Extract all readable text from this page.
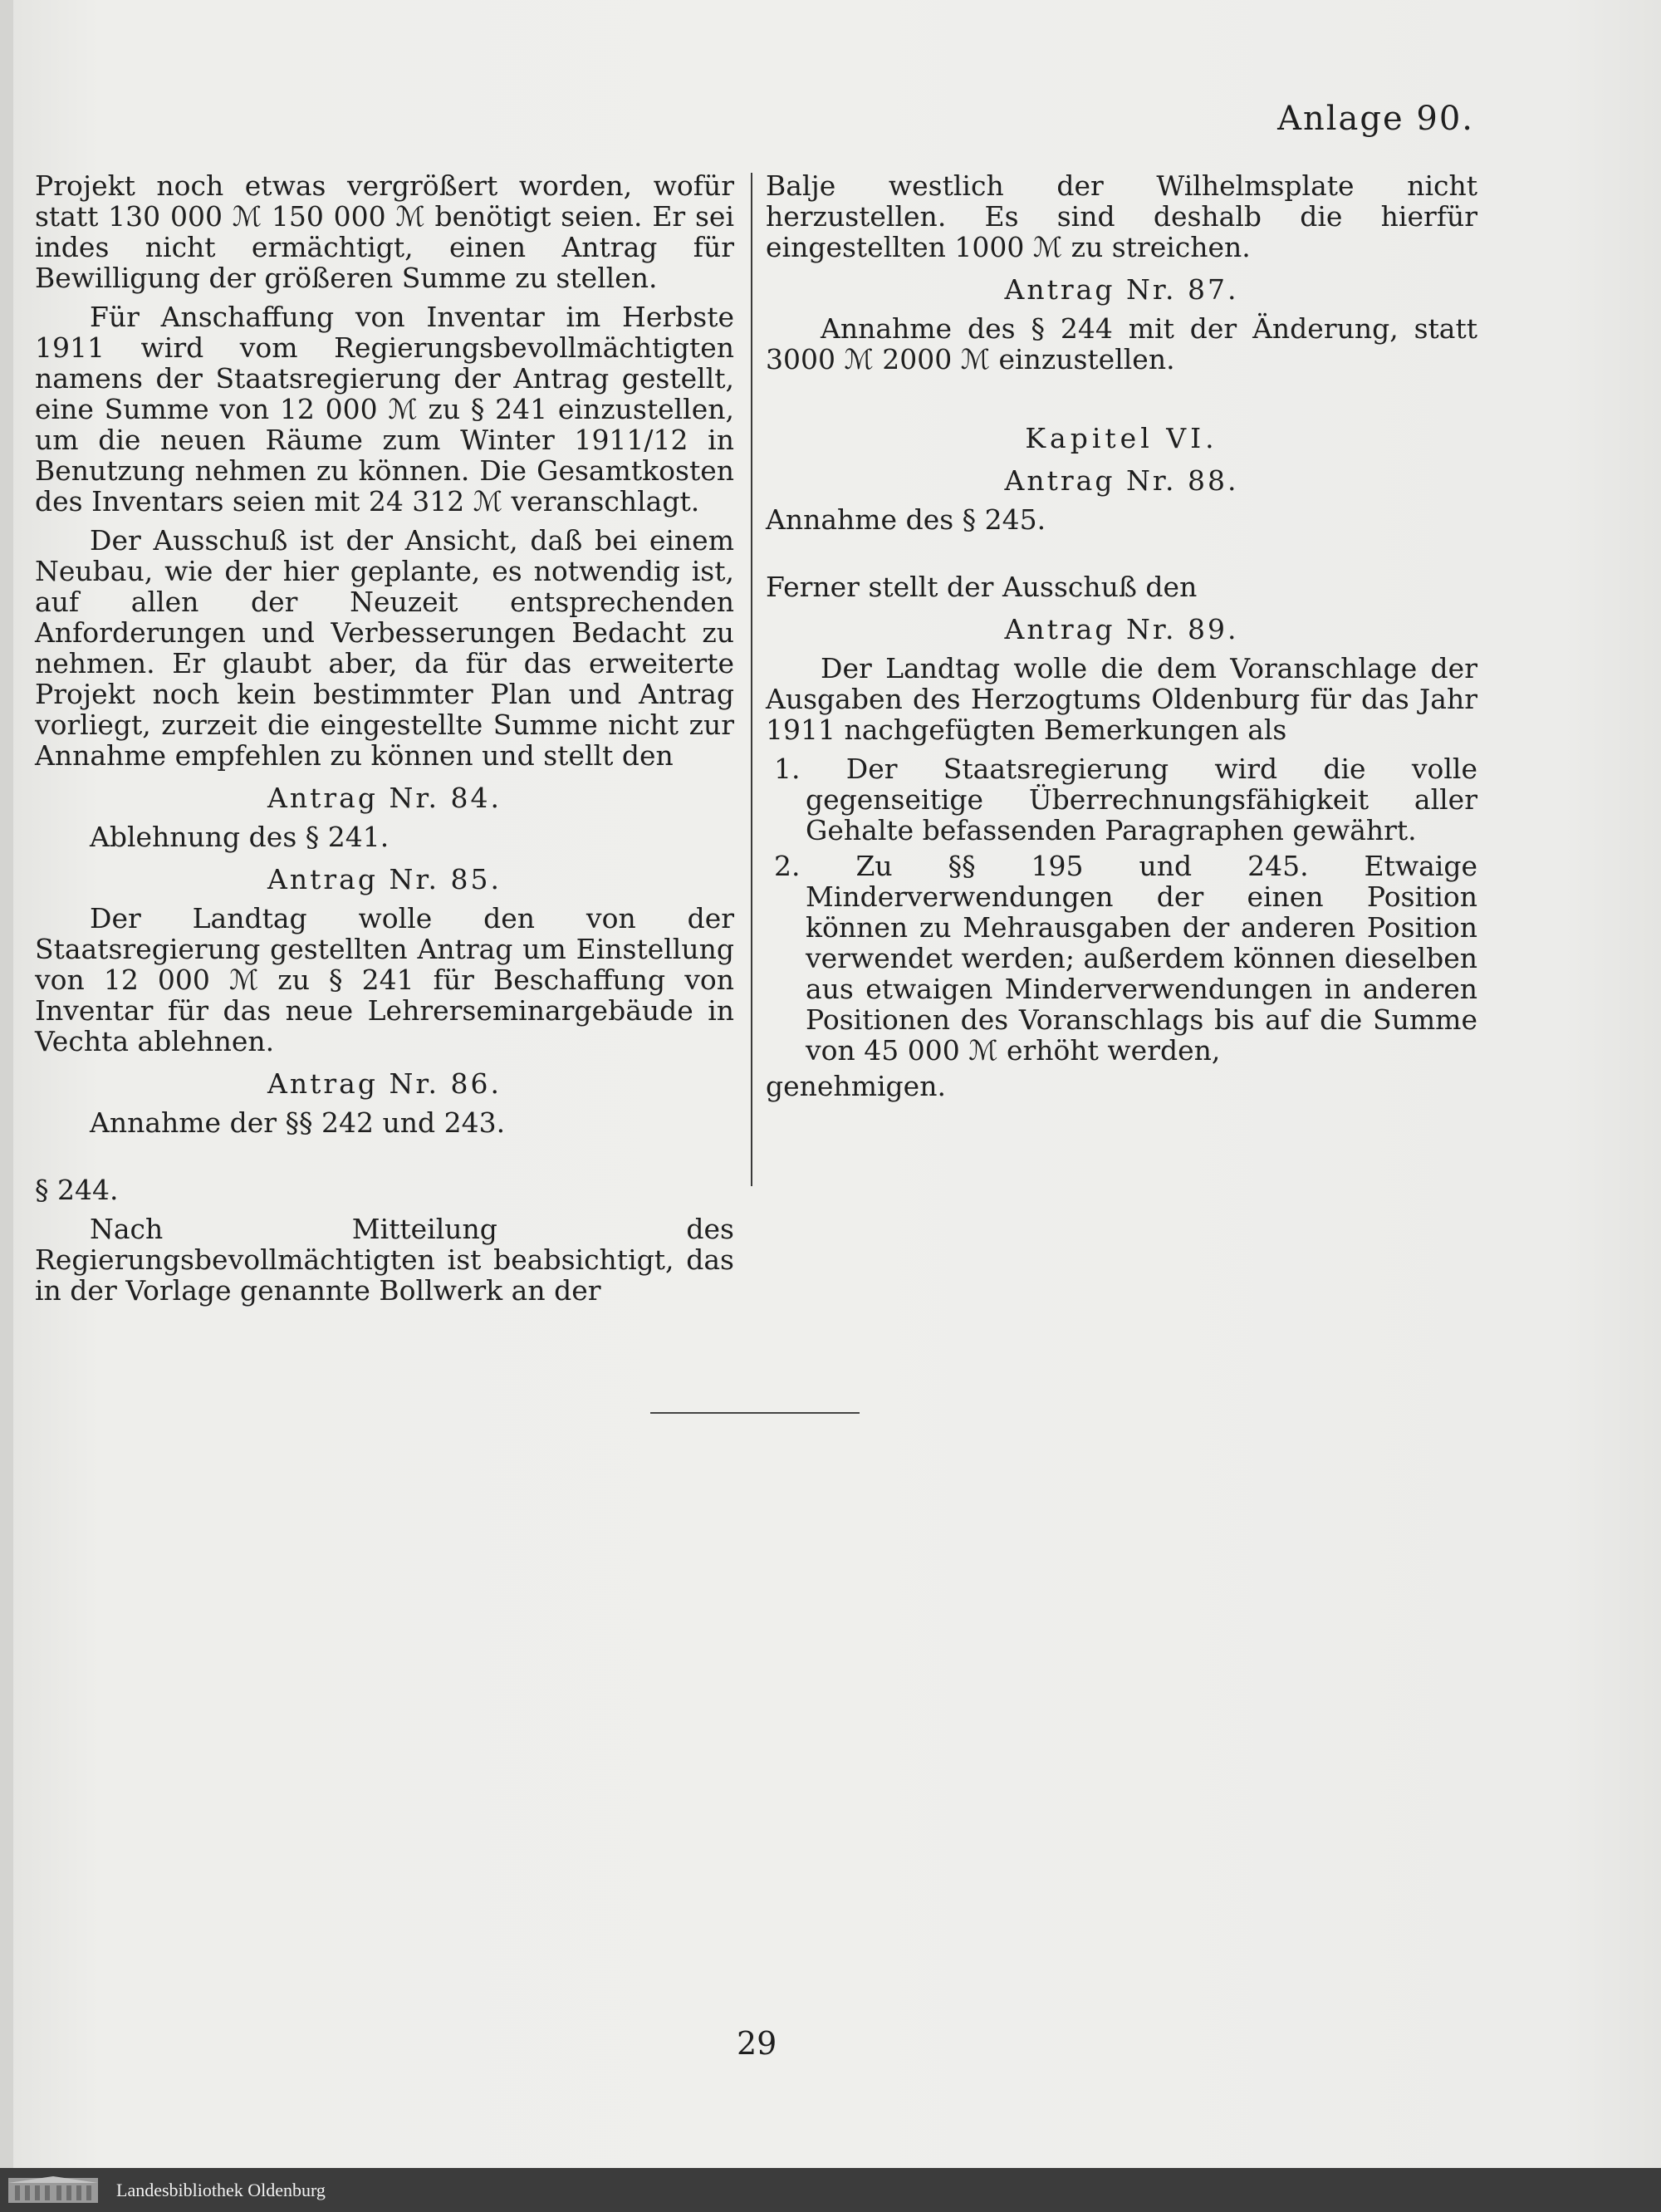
Anlage 90.

Projekt noch etwas vergrößert worden, wofür statt 130 000 ℳ 150 000 ℳ benötigt seien. Er sei indes nicht ermächtigt, einen Antrag für Bewilligung der größeren Summe zu stellen.

Für Anschaffung von Inventar im Herbste 1911 wird vom Regierungsbevollmächtigten namens der Staatsregierung der Antrag gestellt, eine Summe von 12 000 ℳ zu § 241 einzustellen, um die neuen Räume zum Winter 1911/12 in Benutzung nehmen zu können. Die Gesamtkosten des Inventars seien mit 24 312 ℳ veranschlagt.

Der Ausschuß ist der Ansicht, daß bei einem Neubau, wie der hier geplante, es notwendig ist, auf allen der Neuzeit entsprechenden Anforderungen und Verbesserungen Bedacht zu nehmen. Er glaubt aber, da für das erweiterte Projekt noch kein bestimmter Plan und Antrag vorliegt, zurzeit die eingestellte Summe nicht zur Annahme empfehlen zu können und stellt den

Antrag Nr. 84.

Ablehnung des § 241.

Antrag Nr. 85.

Der Landtag wolle den von der Staatsregierung gestellten Antrag um Einstellung von 12 000 ℳ zu § 241 für Beschaffung von Inventar für das neue Lehrerseminargebäude in Vechta ablehnen.

Antrag Nr. 86.

Annahme der §§ 242 und 243.

§ 244.

Nach Mitteilung des Regierungsbevollmächtigten ist beabsichtigt, das in der Vorlage genannte Bollwerk an der

Balje westlich der Wilhelmsplate nicht herzustellen. Es sind deshalb die hierfür eingestellten 1000 ℳ zu streichen.

Antrag Nr. 87.

Annahme des § 244 mit der Änderung, statt 3000 ℳ 2000 ℳ einzustellen.

Kapitel VI.
Antrag Nr. 88.

Annahme des § 245.

Ferner stellt der Ausschuß den

Antrag Nr. 89.

Der Landtag wolle die dem Voranschlage der Ausgaben des Herzogtums Oldenburg für das Jahr 1911 nachgefügten Bemerkungen als

1. Der Staatsregierung wird die volle gegenseitige Überrechnungsfähigkeit aller Gehalte befassenden Paragraphen gewährt.

2. Zu §§ 195 und 245. Etwaige Minderverwendungen der einen Position können zu Mehrausgaben der anderen Position verwendet werden; außerdem können dieselben aus etwaigen Minderverwendungen in anderen Positionen des Voranschlags bis auf die Summe von 45 000 ℳ erhöht werden,

genehmigen.

29
Landesbibliothek Oldenburg
